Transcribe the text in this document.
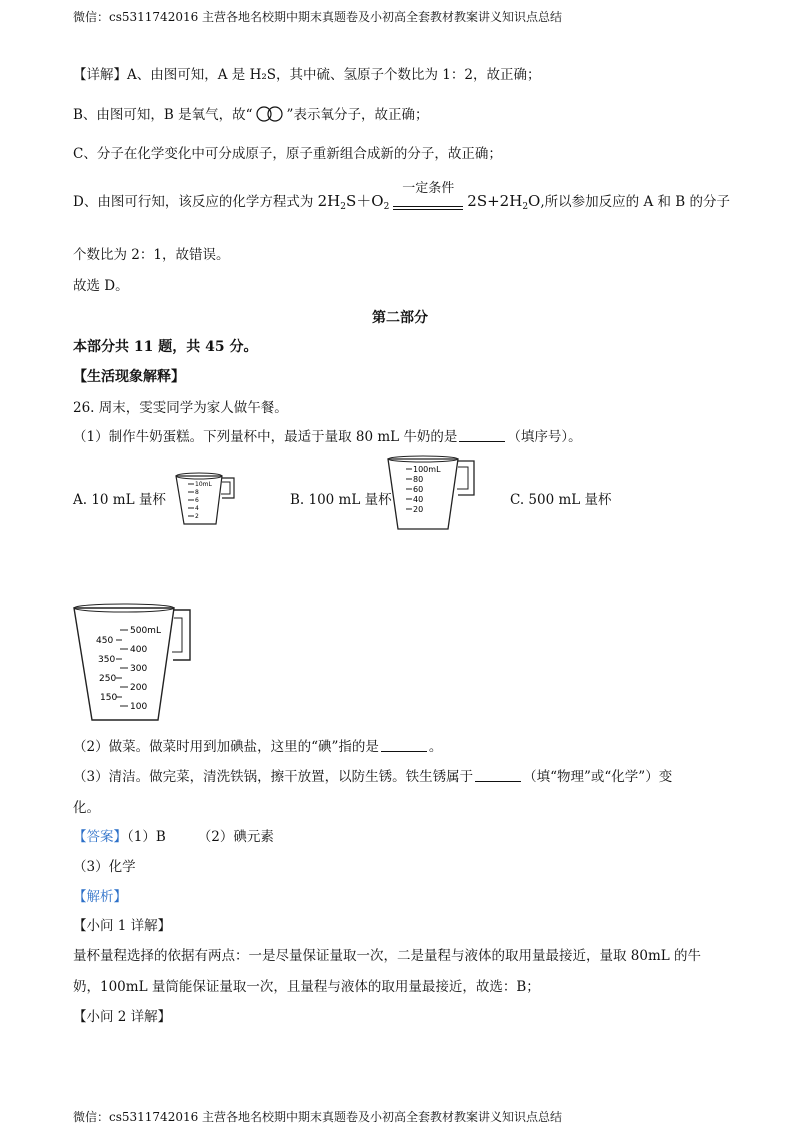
微信：cs5311742016 主营各地名校期中期末真题卷及小初高全套教材教案讲义知识点总结
【详解】A、由图可知，A 是 H₂S，其中硫、氢原子个数比为 1：2，故正确；
B、由图可知，B 是氧气，故“	”表示氧分子，故正确；
C、分子在化学变化中可分成原子，原子重新组合成新的分子，故正确；
D、由图可行知，该反应的化学方程式为 $2H_2S+O_2$
一定条件
$2S+2H_2O$,所以参加反应的 A 和 B 的分子
个数比为 2：1，故错误。
故选 D。
第二部分
本部分共 11 题，共 45 分。
【生活现象解释】
26. 周末，雯雯同学为家人做午餐。
（1）制作牛奶蛋糕。下列量杯中，最适于量取 80 mL 牛奶的是	（填序号）。
A. 10 mL 量杯
10mL
8
6
4
2
B. 100 mL 量杯
100mL
80
60
40
20
C. 500 mL 量杯
500mL
400
300
200
100
450
350
250
150
（2）做菜。做菜时用到加碘盐，这里的“碘”指的是	。
（3）清洁。做完菜，清洗铁锅，擦干放置，以防生锈。铁生锈属于	（填“物理”或“化学”）变
化。
【答案】（1）B （2）碘元素
（3）化学
【解析】
【小问 1 详解】
量杯量程选择的依据有两点：一是尽量保证量取一次，二是量程与液体的取用量最接近，量取 80mL 的牛
奶，100mL 量筒能保证量取一次，且量程与液体的取用量最接近，故选：B；
【小问 2 详解】
微信：cs5311742016 主营各地名校期中期末真题卷及小初高全套教材教案讲义知识点总结
